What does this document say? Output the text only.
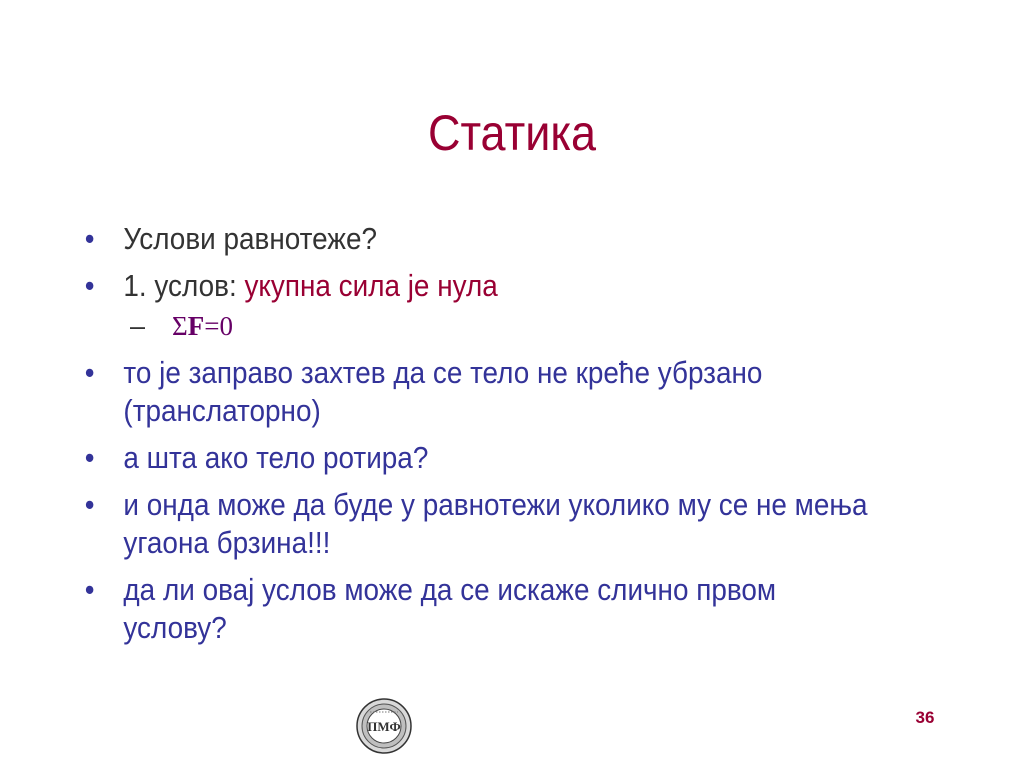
Статика
• Услови равнотеже?
• 1. услов: укупна сила је нула
– ΣF=0
• то је заправо захтев да се тело не креће убрзано (транслаторно)
• а шта ако тело ротира?
• и онда може да буде у равнотежи уколико му се не мења угаона брзина!!!
• да ли овај услов може да се искаже слично првом услову?
ПМФ	36
